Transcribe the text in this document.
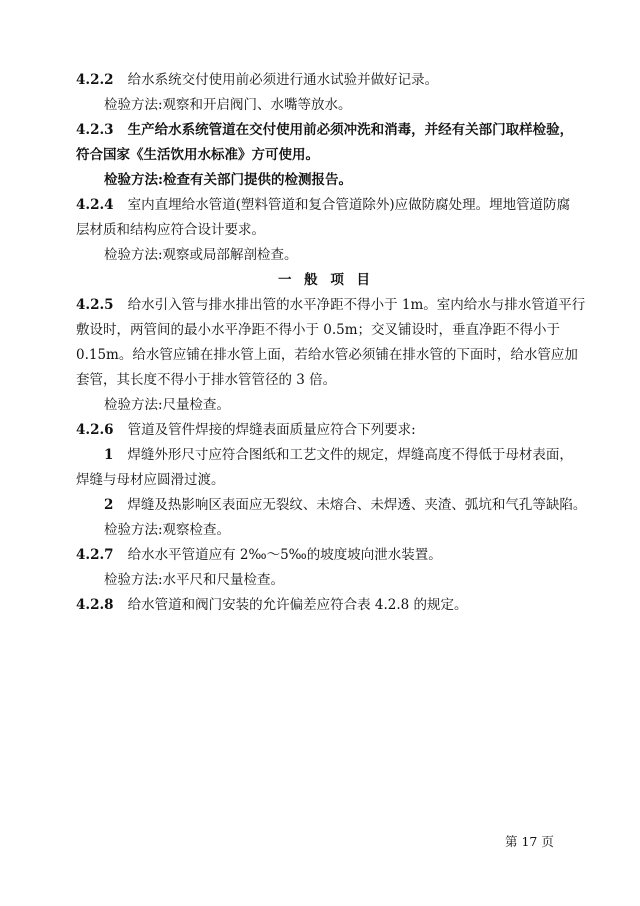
4.2.2 给水系统交付使用前必须进行通水试验并做好记录。
检验方法:观察和开启阀门、水嘴等放水。
4.2.3 生产给水系统管道在交付使用前必须冲洗和消毒，并经有关部门取样检验，
符合国家《生活饮用水标准》方可使用。
检验方法:检查有关部门提供的检测报告。
4.2.4 室内直埋给水管道(塑料管道和复合管道除外)应做防腐处理。埋地管道防腐
层材质和结构应符合设计要求。
检验方法:观察或局部解剖检查。
一 般 项 目
4.2.5 给水引入管与排水排出管的水平净距不得小于 1m。室内给水与排水管道平行
敷设时，两管间的最小水平净距不得小于 0.5m；交叉铺设时，垂直净距不得小于
0.15m。给水管应铺在排水管上面，若给水管必须铺在排水管的下面时，给水管应加
套管，其长度不得小于排水管管径的 3 倍。
检验方法:尺量检查。
4.2.6 管道及管件焊接的焊缝表面质量应符合下列要求:
1 焊缝外形尺寸应符合图纸和工艺文件的规定，焊缝高度不得低于母材表面，
焊缝与母材应圆滑过渡。
2 焊缝及热影响区表面应无裂纹、未熔合、未焊透、夹渣、弧坑和气孔等缺陷。
检验方法:观察检查。
4.2.7 给水水平管道应有 2‰～5‰的坡度坡向泄水装置。
检验方法:水平尺和尺量检查。
4.2.8 给水管道和阀门安装的允许偏差应符合表 4.2.8 的规定。
第 17 页
